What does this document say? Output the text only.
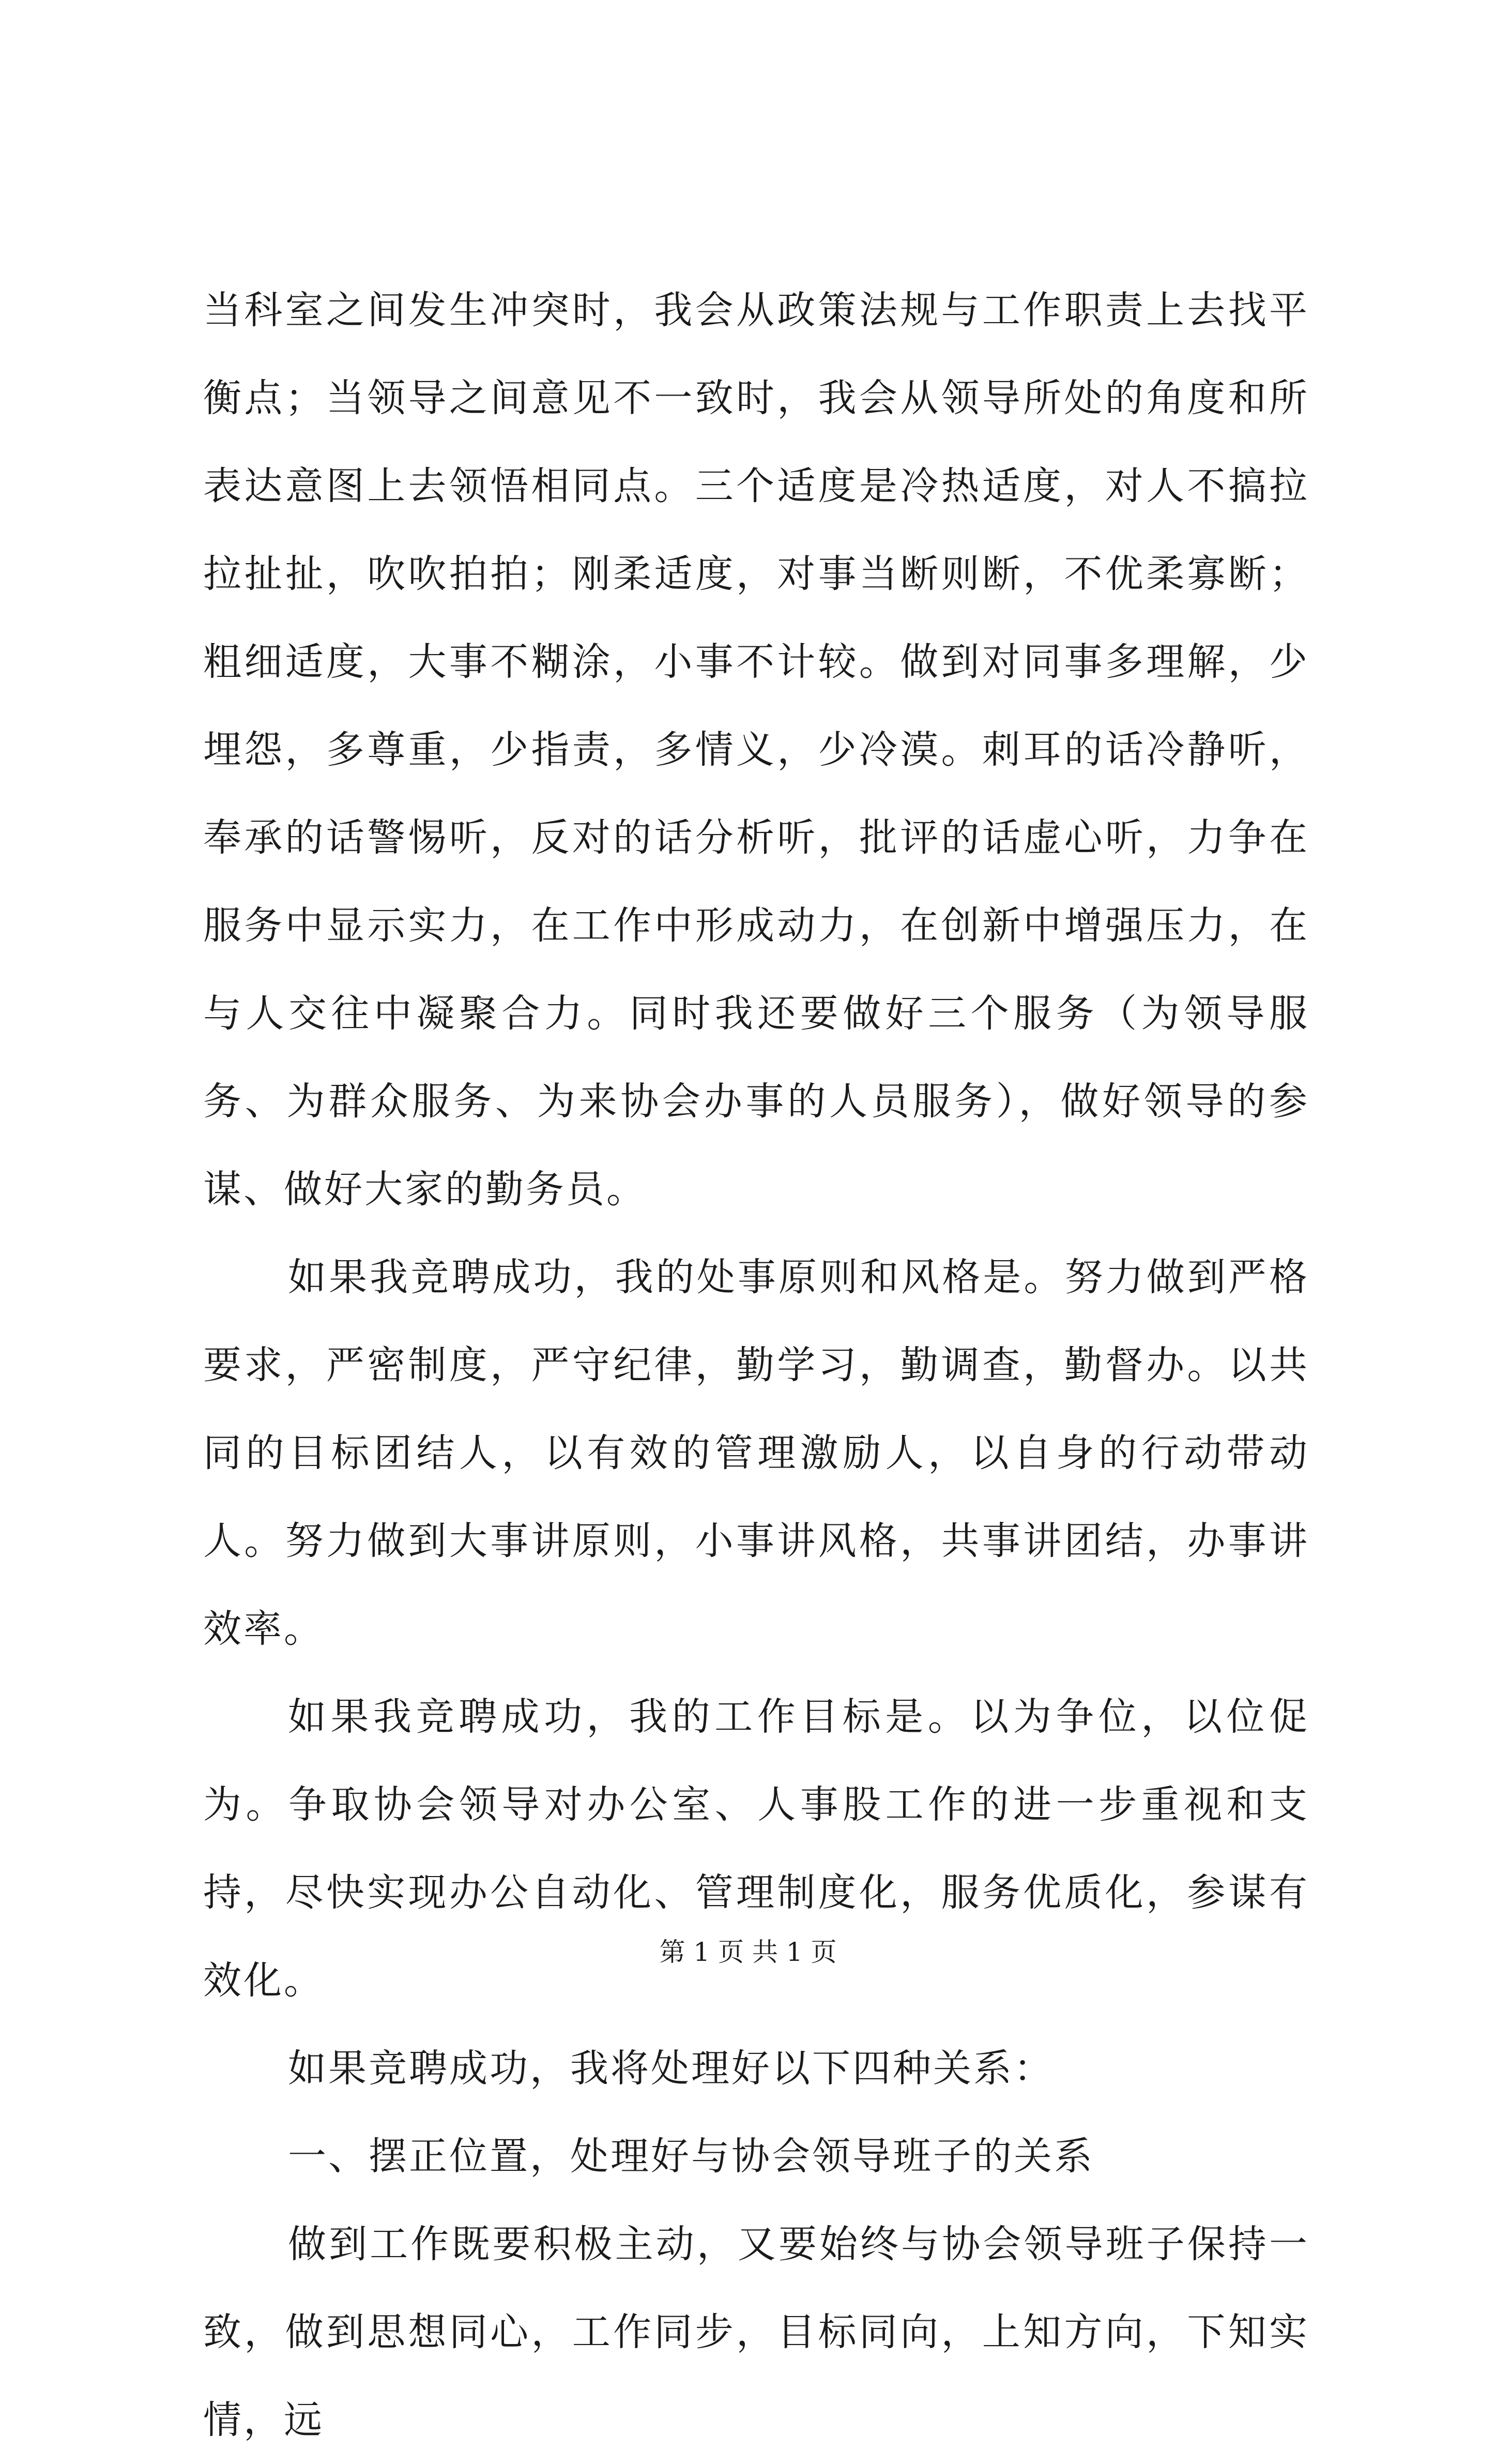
当科室之间发生冲突时，我会从政策法规与工作职责上去找平衡点；当领导之间意见不一致时，我会从领导所处的角度和所表达意图上去领悟相同点。三个适度是冷热适度，对人不搞拉拉扯扯，吹吹拍拍；刚柔适度，对事当断则断，不优柔寡断；粗细适度，大事不糊涂，小事不计较。做到对同事多理解，少埋怨，多尊重，少指责，多情义，少冷漠。刺耳的话冷静听，奉承的话警惕听，反对的话分析听，批评的话虚心听，力争在服务中显示实力，在工作中形成动力，在创新中增强压力，在与人交往中凝聚合力。同时我还要做好三个服务（为领导服务、为群众服务、为来协会办事的人员服务），做好领导的参谋、做好大家的勤务员。

如果我竞聘成功，我的处事原则和风格是。努力做到严格要求，严密制度，严守纪律，勤学习，勤调查，勤督办。以共同的目标团结人，以有效的管理激励人，以自身的行动带动人。努力做到大事讲原则，小事讲风格，共事讲团结，办事讲效率。

如果我竞聘成功，我的工作目标是。以为争位，以位促为。争取协会领导对办公室、人事股工作的进一步重视和支持，尽快实现办公自动化、管理制度化，服务优质化，参谋有效化。

如果竞聘成功，我将处理好以下四种关系：

一、摆正位置，处理好与协会领导班子的关系

做到工作既要积极主动，又要始终与协会领导班子保持一致，做到思想同心，工作同步，目标同向，上知方向，下知实情，远

第 1 页 共 1 页
